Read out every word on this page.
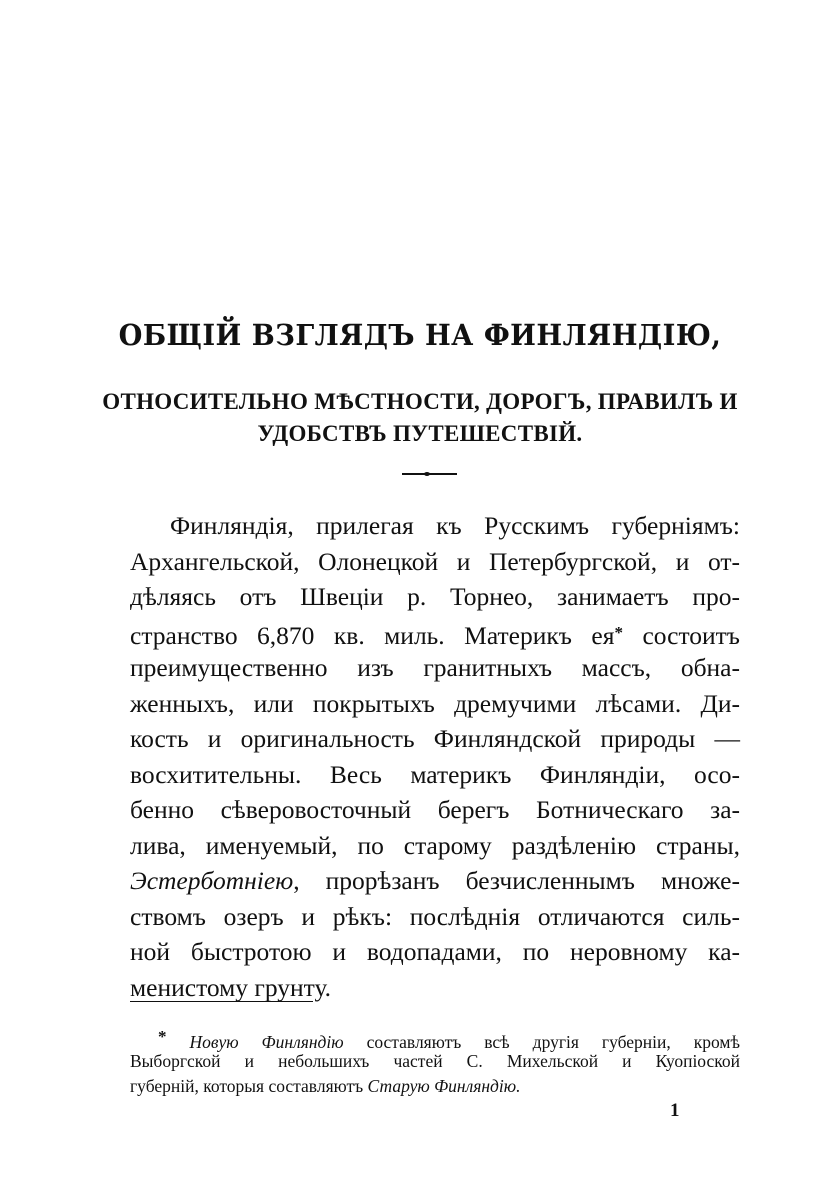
ОБЩІЙ ВЗГЛЯДЪ НА ФИНЛЯНДІЮ,
ОТНОСИТЕЛЬНО МѢСТНОСТИ, ДОРОГЪ, ПРАВИЛЪ И
УДОБСТВЪ ПУТЕШЕСТВІЙ.
Финляндія, прилегая къ Русскимъ губерніямъ:
Архангельской, Олонецкой и Петербургской, и от-
дѣляясь отъ Швеціи р. Торнео, занимаетъ про-
странство 6,870 кв. миль. Материкъ ея* состоитъ
преимущественно изъ гранитныхъ массъ, обна-
женныхъ, или покрытыхъ дремучими лѣсами. Ди-
кость и оригинальность Финляндской природы —
восхитительны. Весь материкъ Финляндіи, осо-
бенно сѣверовосточный берегъ Ботническаго за-
лива, именуемый, по старому раздѣленію страны,
Эстерботніею, прорѣзанъ безчисленнымъ множе-
ствомъ озеръ и рѣкъ: послѣднія отличаются силь-
ной быстротою и водопадами, по неровному ка-
менистому грунту.
* Новую Финляндію составляютъ всѣ другія губерніи, кромѣ
Выборгской и небольшихъ частей С. Михельской и Куопіоской
губерній, которыя составляютъ Старую Финляндію.
1
